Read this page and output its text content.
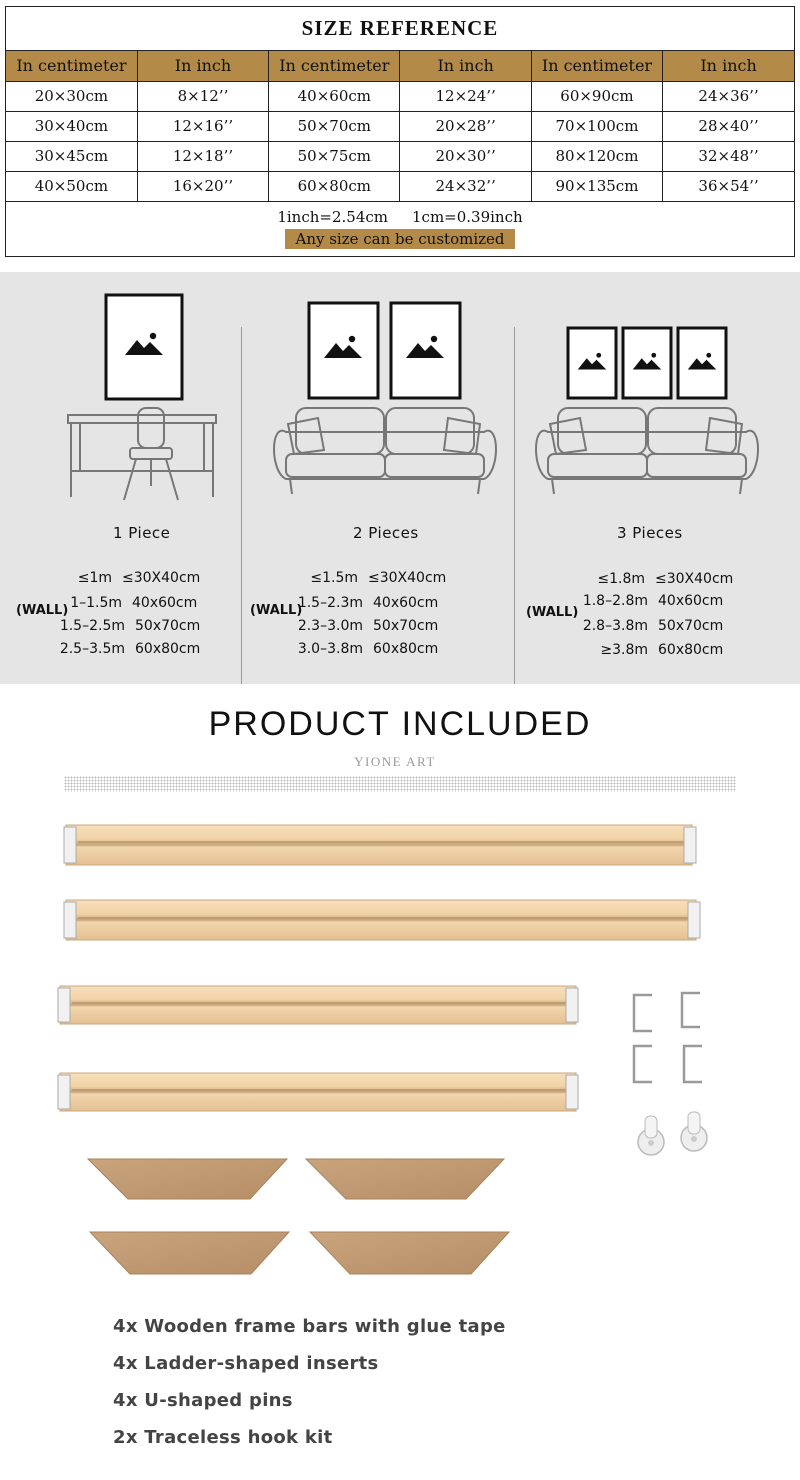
SIZE REFERENCE
In centimeter	In inch	In centimeter	In inch	In centimeter	In inch
20×30cm	8×12’’	40×60cm	12×24’’	60×90cm	24×36’’
30×40cm	12×16’’	50×70cm	20×28’’	70×100cm	28×40’’
30×45cm	12×18’’	50×75cm	20×30’’	80×120cm	32×48’’
40×50cm	16×20’’	60×80cm	24×32’’	90×135cm	36×54’’
1inch=2.54cm 1cm=0.39inch
Any size can be customized
1 Piece
(WALL)
≤1m ≤30X40cm
1–1.5m 40x60cm
1.5–2.5m 50x70cm
2.5–3.5m 60x80cm
2 Pieces
(WALL)
≤1.5m ≤30X40cm
1.5–2.3m 40x60cm
2.3–3.0m 50x70cm
3.0–3.8m 60x80cm
3 Pieces
(WALL)
≤1.8m ≤30X40cm
1.8–2.8m 40x60cm
2.8–3.8m 50x70cm
≥3.8m 60x80cm
PRODUCT INCLUDED
YIONE ART
4x Wooden frame bars with glue tape
4x Ladder-shaped inserts
4x U-shaped pins
2x Traceless hook kit
